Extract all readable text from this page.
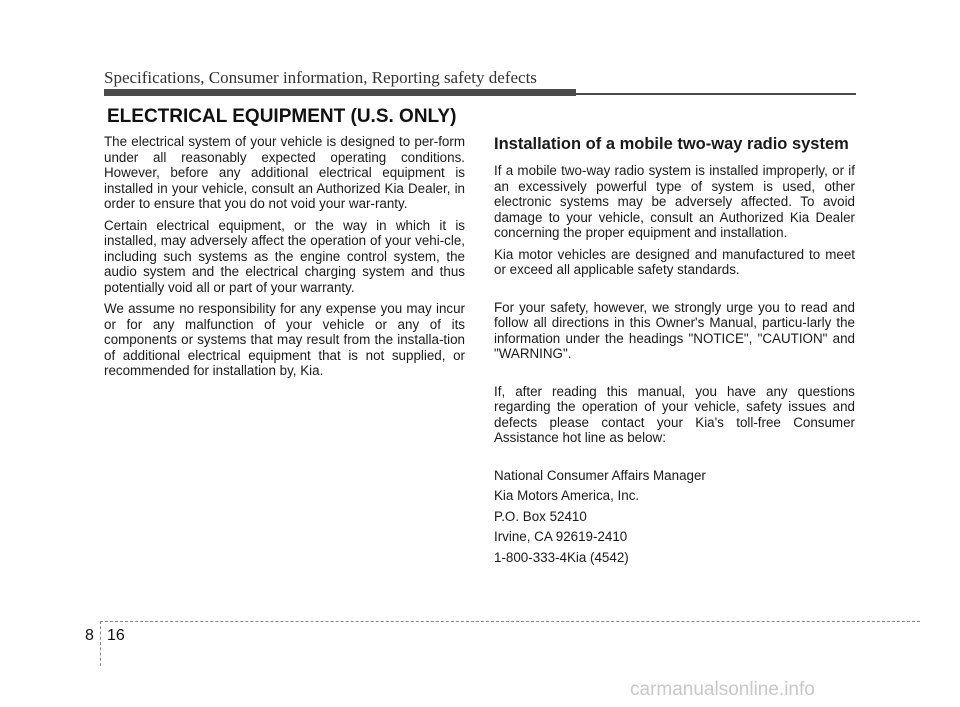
Specifications, Consumer information, Reporting safety defects
ELECTRICAL EQUIPMENT (U.S. ONLY)

The electrical system of your vehicle is designed to per-form under all reasonably expected operating conditions. However, before any additional electrical equipment is installed in your vehicle, consult an Authorized Kia Dealer, in order to ensure that you do not void your war-ranty.

Certain electrical equipment, or the way in which it is installed, may adversely affect the operation of your vehi-cle, including such systems as the engine control system, the audio system and the electrical charging system and thus potentially void all or part of your warranty.

We assume no responsibility for any expense you may incur or for any malfunction of your vehicle or any of its components or systems that may result from the installa-tion of additional electrical equipment that is not supplied, or recommended for installation by, Kia.

Installation of a mobile two-way radio system

If a mobile two-way radio system is installed improperly, or if an excessively powerful type of system is used, other electronic systems may be adversely affected. To avoid damage to your vehicle, consult an Authorized Kia Dealer concerning the proper equipment and installation.

Kia motor vehicles are designed and manufactured to meet or exceed all applicable safety standards.

For your safety, however, we strongly urge you to read and follow all directions in this Owner's Manual, particu-larly the information under the headings "NOTICE", "CAUTION" and "WARNING".

If, after reading this manual, you have any questions regarding the operation of your vehicle, safety issues and defects please contact your Kia's toll-free Consumer Assistance hot line as below:

National Consumer Affairs Manager
Kia Motors America, Inc.
P.O. Box 52410
Irvine, CA 92619-2410
1-800-333-4Kia (4542)
8 16
carmanualsonline.info
